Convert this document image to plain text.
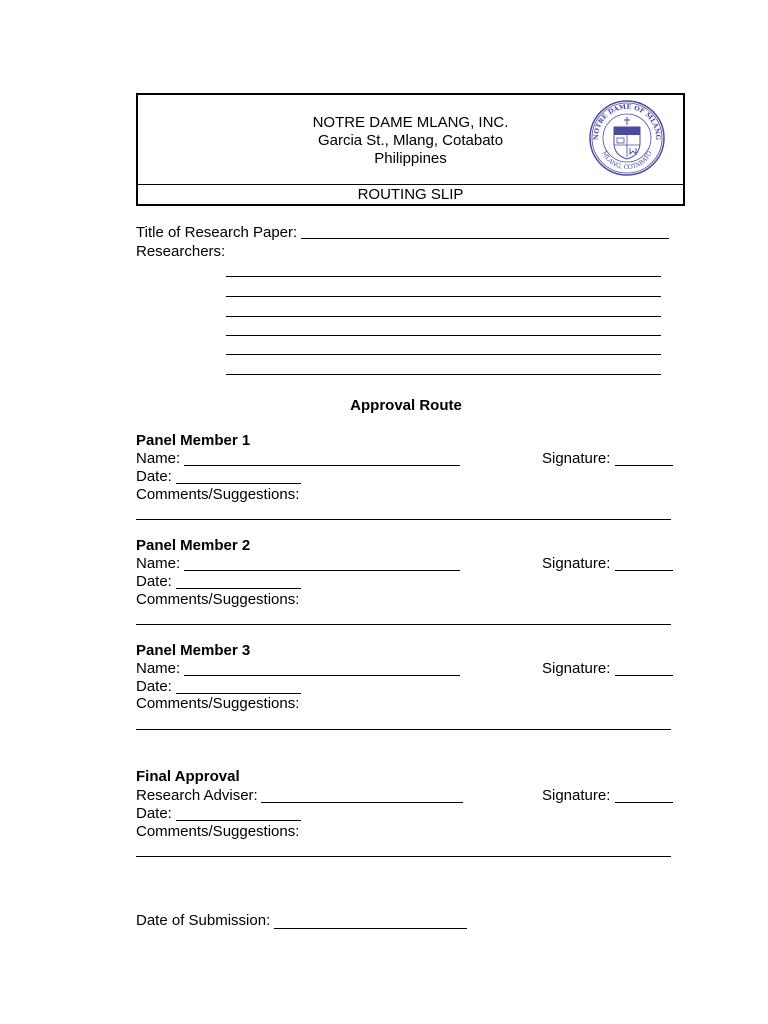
NOTRE DAME MLANG, INC.
Garcia St., Mlang, Cotabato
Philippines
ROUTING SLIP
NOTRE DAME OF MLANG
MLANG, COTABATO
Title of Research Paper:
Researchers:
Approval Route
Panel Member 1
Name:	Signature:
Date:
Comments/Suggestions:
Panel Member 2
Name:	Signature:
Date:
Comments/Suggestions:
Panel Member 3
Name:	Signature:
Date:
Comments/Suggestions:
Final Approval
Research Adviser:	Signature:
Date:
Comments/Suggestions:
Date of Submission:
